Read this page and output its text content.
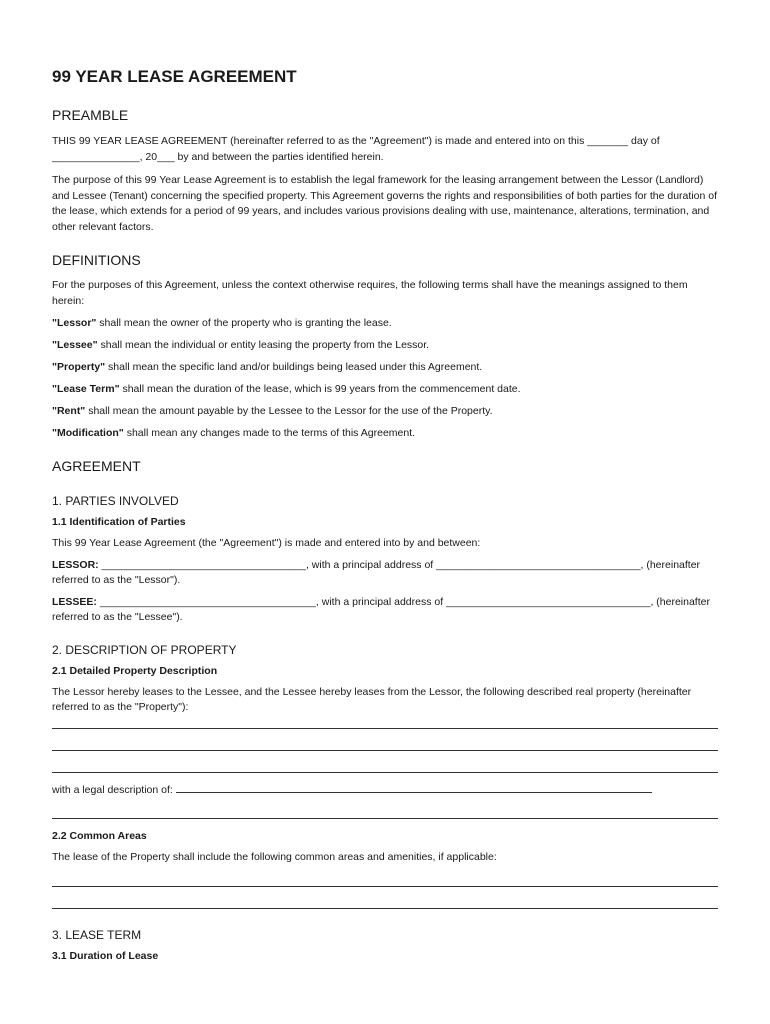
99 YEAR LEASE AGREEMENT
PREAMBLE

THIS 99 YEAR LEASE AGREEMENT (hereinafter referred to as the "Agreement") is made and entered into on this _______ day of _______________, 20___ by and between the parties identified herein.

The purpose of this 99 Year Lease Agreement is to establish the legal framework for the leasing arrangement between the Lessor (Landlord) and Lessee (Tenant) concerning the specified property. This Agreement governs the rights and responsibilities of both parties for the duration of the lease, which extends for a period of 99 years, and includes various provisions dealing with use, maintenance, alterations, termination, and other relevant factors.

DEFINITIONS

For the purposes of this Agreement, unless the context otherwise requires, the following terms shall have the meanings assigned to them herein:

"Lessor" shall mean the owner of the property who is granting the lease.

"Lessee" shall mean the individual or entity leasing the property from the Lessor.

"Property" shall mean the specific land and/or buildings being leased under this Agreement.

"Lease Term" shall mean the duration of the lease, which is 99 years from the commencement date.

"Rent" shall mean the amount payable by the Lessee to the Lessor for the use of the Property.

"Modification" shall mean any changes made to the terms of this Agreement.

AGREEMENT
1. PARTIES INVOLVED
1.1 Identification of Parties

This 99 Year Lease Agreement (the "Agreement") is made and entered into by and between:

LESSOR: ___________________________________, with a principal address of ___________________________________, (hereinafter referred to as the "Lessor").

LESSEE: _____________________________________, with a principal address of ___________________________________, (hereinafter referred to as the "Lessee").

2. DESCRIPTION OF PROPERTY
2.1 Detailed Property Description

The Lessor hereby leases to the Lessee, and the Lessee hereby leases from the Lessor, the following described real property (hereinafter referred to as the "Property"):

with a legal description of:

2.2 Common Areas

The lease of the Property shall include the following common areas and amenities, if applicable:

3. LEASE TERM
3.1 Duration of Lease
